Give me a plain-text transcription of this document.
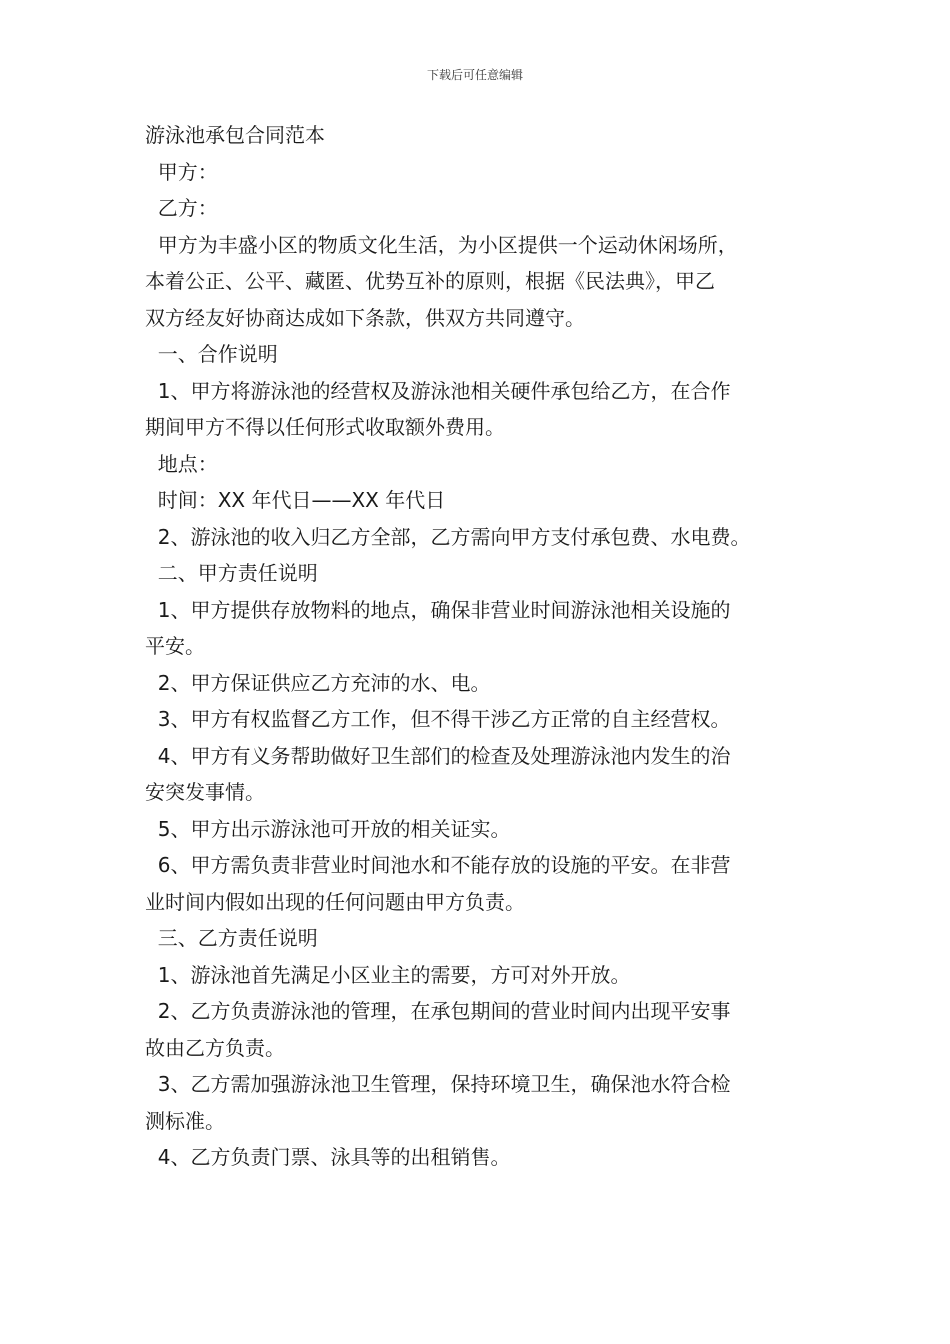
下载后可任意编辑

游泳池承包合同范本

甲方：

乙方：

甲方为丰盛小区的物质文化生活，为小区提供一个运动休闲场所，

本着公正、公平、藏匿、优势互补的原则，根据《民法典》，甲乙

双方经友好协商达成如下条款，供双方共同遵守。

一、合作说明

1、甲方将游泳池的经营权及游泳池相关硬件承包给乙方，在合作

期间甲方不得以任何形式收取额外费用。

地点：

时间：XX 年代日——XX 年代日

2、游泳池的收入归乙方全部，乙方需向甲方支付承包费、水电费。

二、甲方责任说明

1、甲方提供存放物料的地点，确保非营业时间游泳池相关设施的

平安。

2、甲方保证供应乙方充沛的水、电。

3、甲方有权监督乙方工作，但不得干涉乙方正常的自主经营权。

4、甲方有义务帮助做好卫生部们的检查及处理游泳池内发生的治

安突发事情。

5、甲方出示游泳池可开放的相关证实。

6、甲方需负责非营业时间池水和不能存放的设施的平安。在非营

业时间内假如出现的任何问题由甲方负责。

三、乙方责任说明

1、游泳池首先满足小区业主的需要，方可对外开放。

2、乙方负责游泳池的管理，在承包期间的营业时间内出现平安事

故由乙方负责。

3、乙方需加强游泳池卫生管理，保持环境卫生，确保池水符合检

测标准。

4、乙方负责门票、泳具等的出租销售。
